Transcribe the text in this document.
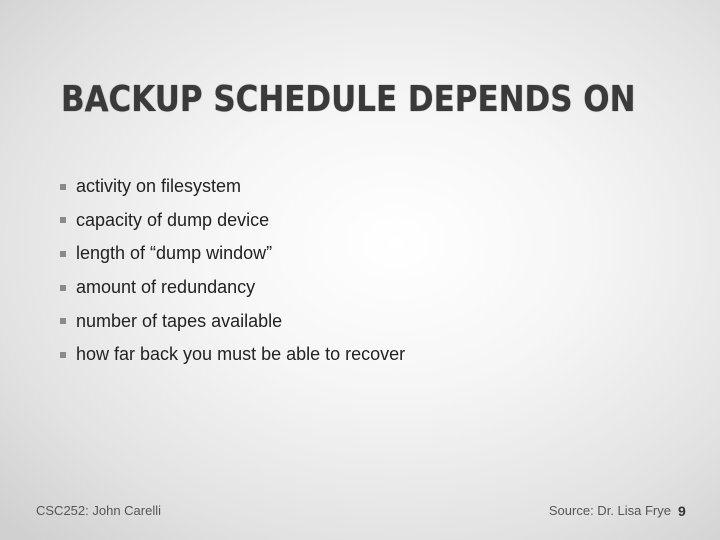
BACKUP SCHEDULE DEPENDS ON
activity on filesystem
capacity of dump device
length of “dump window”
amount of redundancy
number of tapes available
how far back you must be able to recover
CSC252: John Carelli	Source: Dr. Lisa Frye 9
